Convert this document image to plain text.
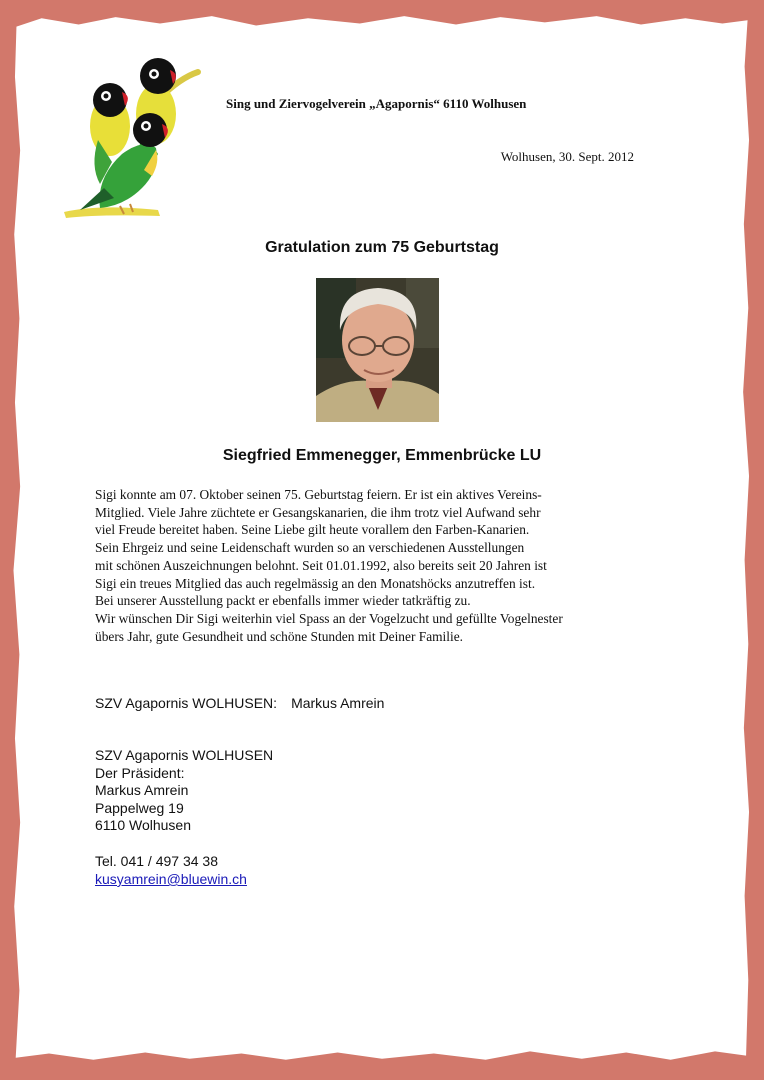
Sing und Ziervogelverein „Agapornis“ 6110 Wolhusen
Wolhusen, 30. Sept. 2012
Gratulation zum 75 Geburtstag
Siegfried Emmenegger, Emmenbrücke LU
Sigi konnte am 07. Oktober seinen 75. Geburtstag feiern. Er ist ein aktives Vereins-
Mitglied. Viele Jahre züchtete er Gesangskanarien, die ihm trotz viel Aufwand sehr
viel Freude bereitet haben. Seine Liebe gilt heute vorallem den Farben-Kanarien.
Sein Ehrgeiz und seine Leidenschaft wurden so an verschiedenen Ausstellungen
mit schönen Auszeichnungen belohnt. Seit 01.01.1992, also bereits seit 20 Jahren ist
Sigi ein treues Mitglied das auch regelmässig an den Monatshöcks anzutreffen ist.
Bei unserer Ausstellung packt er ebenfalls immer wieder tatkräftig zu.
Wir wünschen Dir Sigi weiterhin viel Spass an der Vogelzucht und gefüllte Vogelnester
übers Jahr, gute Gesundheit und schöne Stunden mit Deiner Familie.
SZV Agapornis WOLHUSEN: Markus Amrein
SZV Agapornis WOLHUSEN
Der Präsident:
Markus Amrein
Pappelweg 19
6110 Wolhusen
Tel. 041 / 497 34 38
kusyamrein@bluewin.ch
